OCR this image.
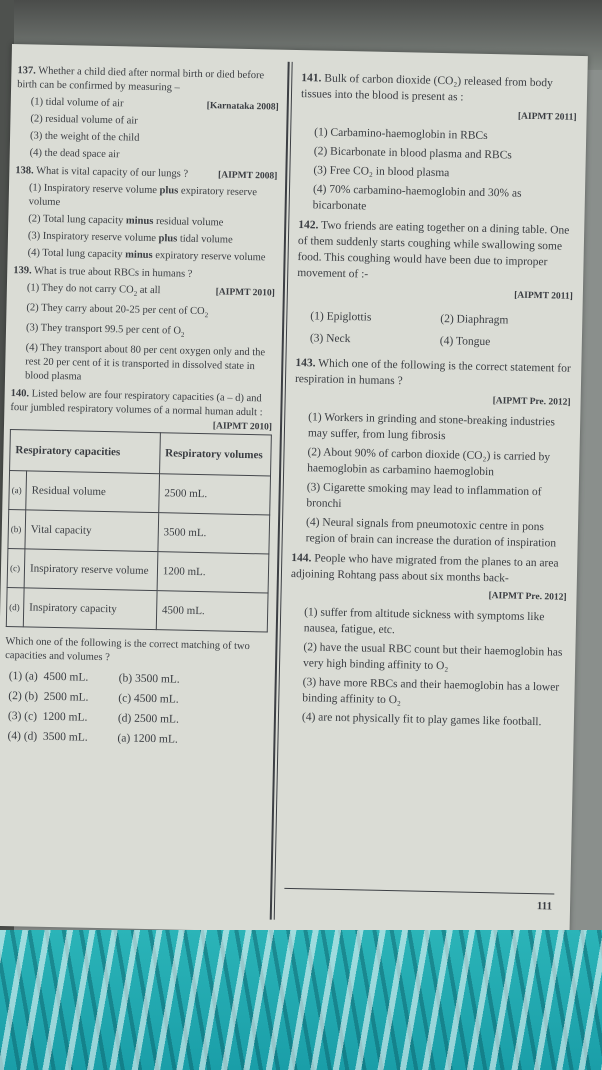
137. Whether a child died after normal birth or died before birth can be confirmed by measuring –
(1) tidal volume of air	[Karnataka 2008]
(2) residual volume of air
(3) the weight of the child
(4) the dead space air
138. What is vital capacity of our lungs ?	[AIPMT 2008]
(1) Inspiratory reserve volume plus expiratory reserve volume
(2) Total lung capacity minus residual volume
(3) Inspiratory reserve volume plus tidal volume
(4) Total lung capacity minus expiratory reserve volume
139. What is true about RBCs in humans ?
(1) They do not carry $CO_2$ at all	[AIPMT 2010]
(2) They carry about 20-25 per cent of $CO_2$
(3) They transport 99.5 per cent of $O_2$
(4) They transport about 80 per cent oxygen only and the rest 20 per cent of it is transported in dissolved state in blood plasma
140. Listed below are four respiratory capacities (a – d) and four jumbled respiratory volumes of a normal human adult :
[AIPMT 2010]
Respiratory capacities		Respiratory volumes
(a)	Residual volume	2500 mL.
(b)	Vital capacity	3500 mL.
(c)	Inspiratory reserve volume	1200 mL.
(d)	Inspiratory capacity	4500 mL.
Which one of the following is the correct matching of two capacities and volumes ?
(1) (a) 4500 mL.	(b) 3500 mL.
(2) (b) 2500 mL.	(c) 4500 mL.
(3) (c) 1200 mL.	(d) 2500 mL.
(4) (d) 3500 mL.	(a) 1200 mL.
141. Bulk of carbon dioxide (CO₂) released from body tissues into the blood is present as :
[AIPMT 2011]
(1) Carbamino-haemoglobin in RBCs
(2) Bicarbonate in blood plasma and RBCs
(3) Free CO₂ in blood plasma
(4) 70% carbamino-haemoglobin and 30% as bicarbonate
142. Two friends are eating together on a dining table. One of them suddenly starts coughing while swallowing some food. This coughing would have been due to improper movement of :-
[AIPMT 2011]
(1) Epiglottis	(2) Diaphragm
(3) Neck	(4) Tongue
143. Which one of the following is the correct statement for respiration in humans ?
[AIPMT Pre. 2012]
(1) Workers in grinding and stone-breaking industries may suffer, from lung fibrosis
(2) About 90% of carbon dioxide (CO₂) is carried by haemoglobin as carbamino haemoglobin
(3) Cigarette smoking may lead to inflammation of bronchi
(4) Neural signals from pneumotoxic centre in pons region of brain can increase the duration of inspiration
144. People who have migrated from the planes to an area adjoining Rohtang pass about six months back-
[AIPMT Pre. 2012]
(1) suffer from altitude sickness with symptoms like nausea, fatigue, etc.
(2) have the usual RBC count but their haemoglobin has very high binding affinity to O₂
(3) have more RBCs and their haemoglobin has a lower binding affinity to O₂
(4) are not physically fit to play games like football.
111
